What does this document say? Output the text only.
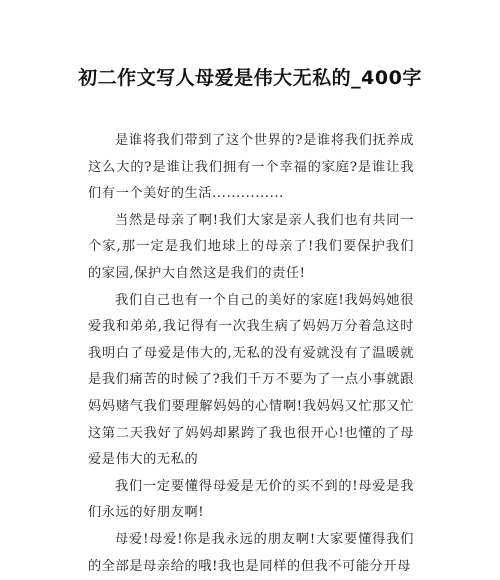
初二作文写人母爱是伟大无私的_400字

是谁将我们带到了这个世界的?是谁将我们抚养成这么大的?是谁让我们拥有一个幸福的家庭?是谁让我们有一个美好的生活...............

当然是母亲了啊!我们大家是亲人我们也有共同一个家,那一定是我们地球上的母亲了!我们要保护我们的家园,保护大自然这是我们的责任!

我们自己也有一个自己的美好的家庭!我妈妈她很爱我和弟弟,我记得有一次我生病了妈妈万分着急这时我明白了母爱是伟大的,无私的没有爱就没有了温暖就是我们痛苦的时候了?我们千万不要为了一点小事就跟妈妈赌气我们要理解妈妈的心情啊!我妈妈又忙那又忙这第二天我好了妈妈却累跨了我也很开心!也懂的了母爱是伟大的无私的

我们一定要懂得母爱是无价的买不到的!母爱是我们永远的好朋友啊!

母爱!母爱!你是我永远的朋友啊!大家要懂得我们的全部是母亲给的哦!我也是同样的但我不可能分开母
